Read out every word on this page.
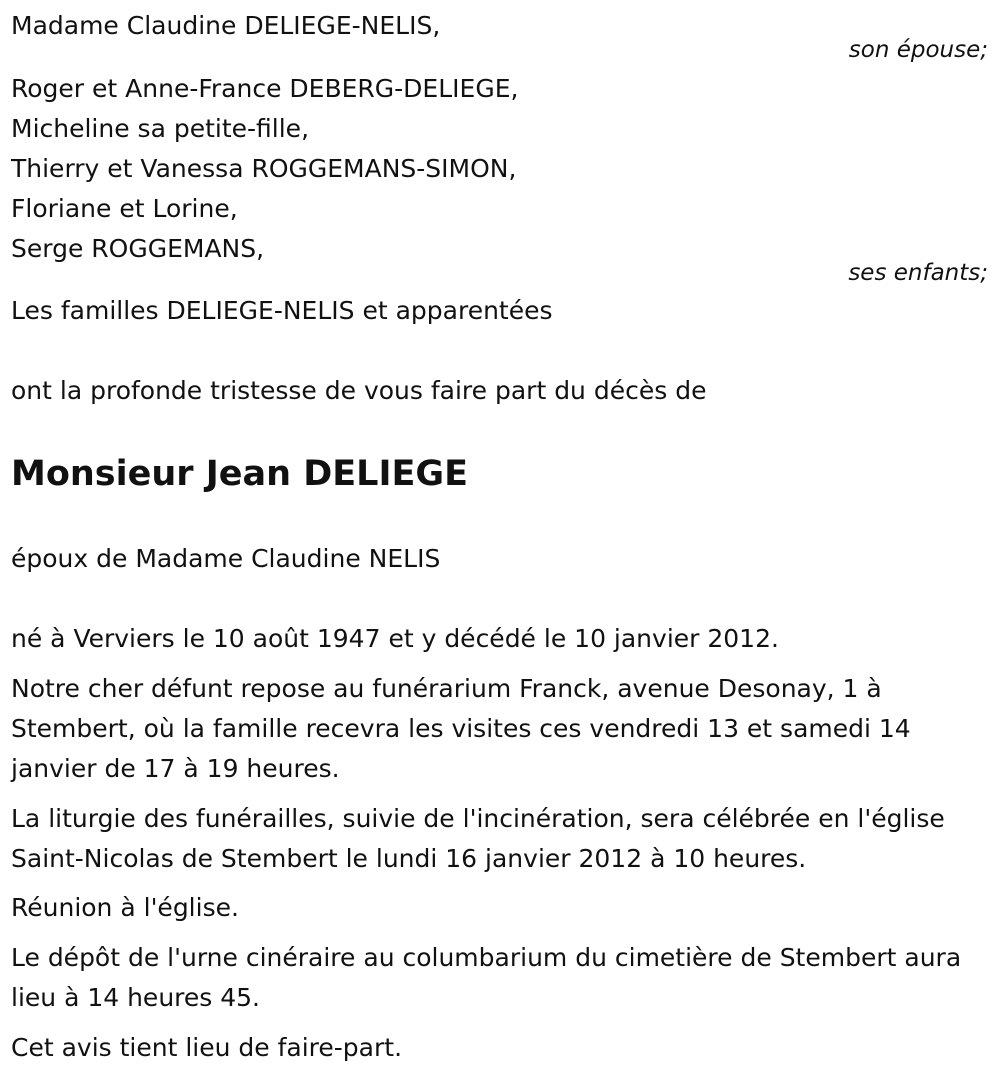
Madame Claudine DELIEGE-NELIS,

son épouse;

Roger et Anne-France DEBERG-DELIEGE,

Micheline sa petite-fille,

Thierry et Vanessa ROGGEMANS-SIMON,

Floriane et Lorine,

Serge ROGGEMANS,

ses enfants;

Les familles DELIEGE-NELIS et apparentées

ont la profonde tristesse de vous faire part du décès de

Monsieur Jean DELIEGE

époux de Madame Claudine NELIS

né à Verviers le 10 août 1947 et y décédé le 10 janvier 2012.

Notre cher défunt repose au funérarium Franck, avenue Desonay, 1 à Stembert, où la famille recevra les visites ces vendredi 13 et samedi 14 janvier de 17 à 19 heures.

La liturgie des funérailles, suivie de l'incinération, sera célébrée en l'église Saint-Nicolas de Stembert le lundi 16 janvier 2012 à 10 heures.

Réunion à l'église.

Le dépôt de l'urne cinéraire au columbarium du cimetière de Stembert aura lieu à 14 heures 45.

Cet avis tient lieu de faire-part.
